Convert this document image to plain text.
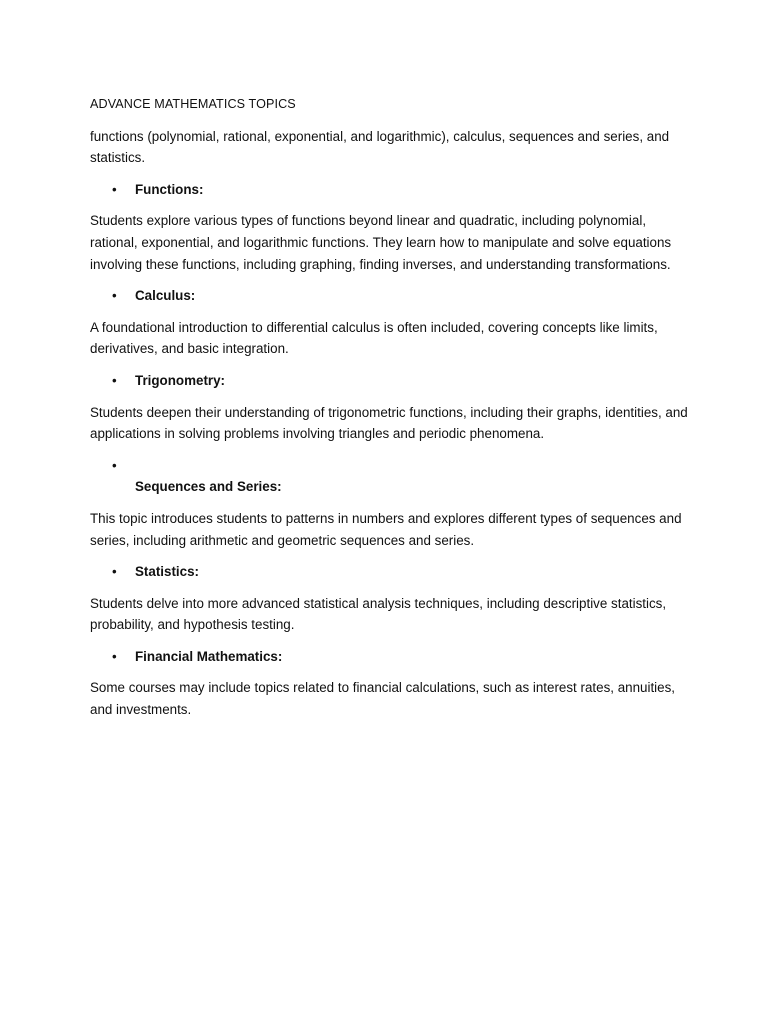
ADVANCE MATHEMATICS TOPICS

functions (polynomial, rational, exponential, and logarithmic), calculus, sequences and series, and statistics.

• Functions:

Students explore various types of functions beyond linear and quadratic, including polynomial, rational, exponential, and logarithmic functions. They learn how to manipulate and solve equations involving these functions, including graphing, finding inverses, and understanding transformations.

• Calculus:

A foundational introduction to differential calculus is often included, covering concepts like limits, derivatives, and basic integration.

• Trigonometry:

Students deepen their understanding of trigonometric functions, including their graphs, identities, and applications in solving problems involving triangles and periodic phenomena.

•
Sequences and Series:

This topic introduces students to patterns in numbers and explores different types of sequences and series, including arithmetic and geometric sequences and series.

• Statistics:

Students delve into more advanced statistical analysis techniques, including descriptive statistics, probability, and hypothesis testing.

• Financial Mathematics:

Some courses may include topics related to financial calculations, such as interest rates, annuities, and investments.
